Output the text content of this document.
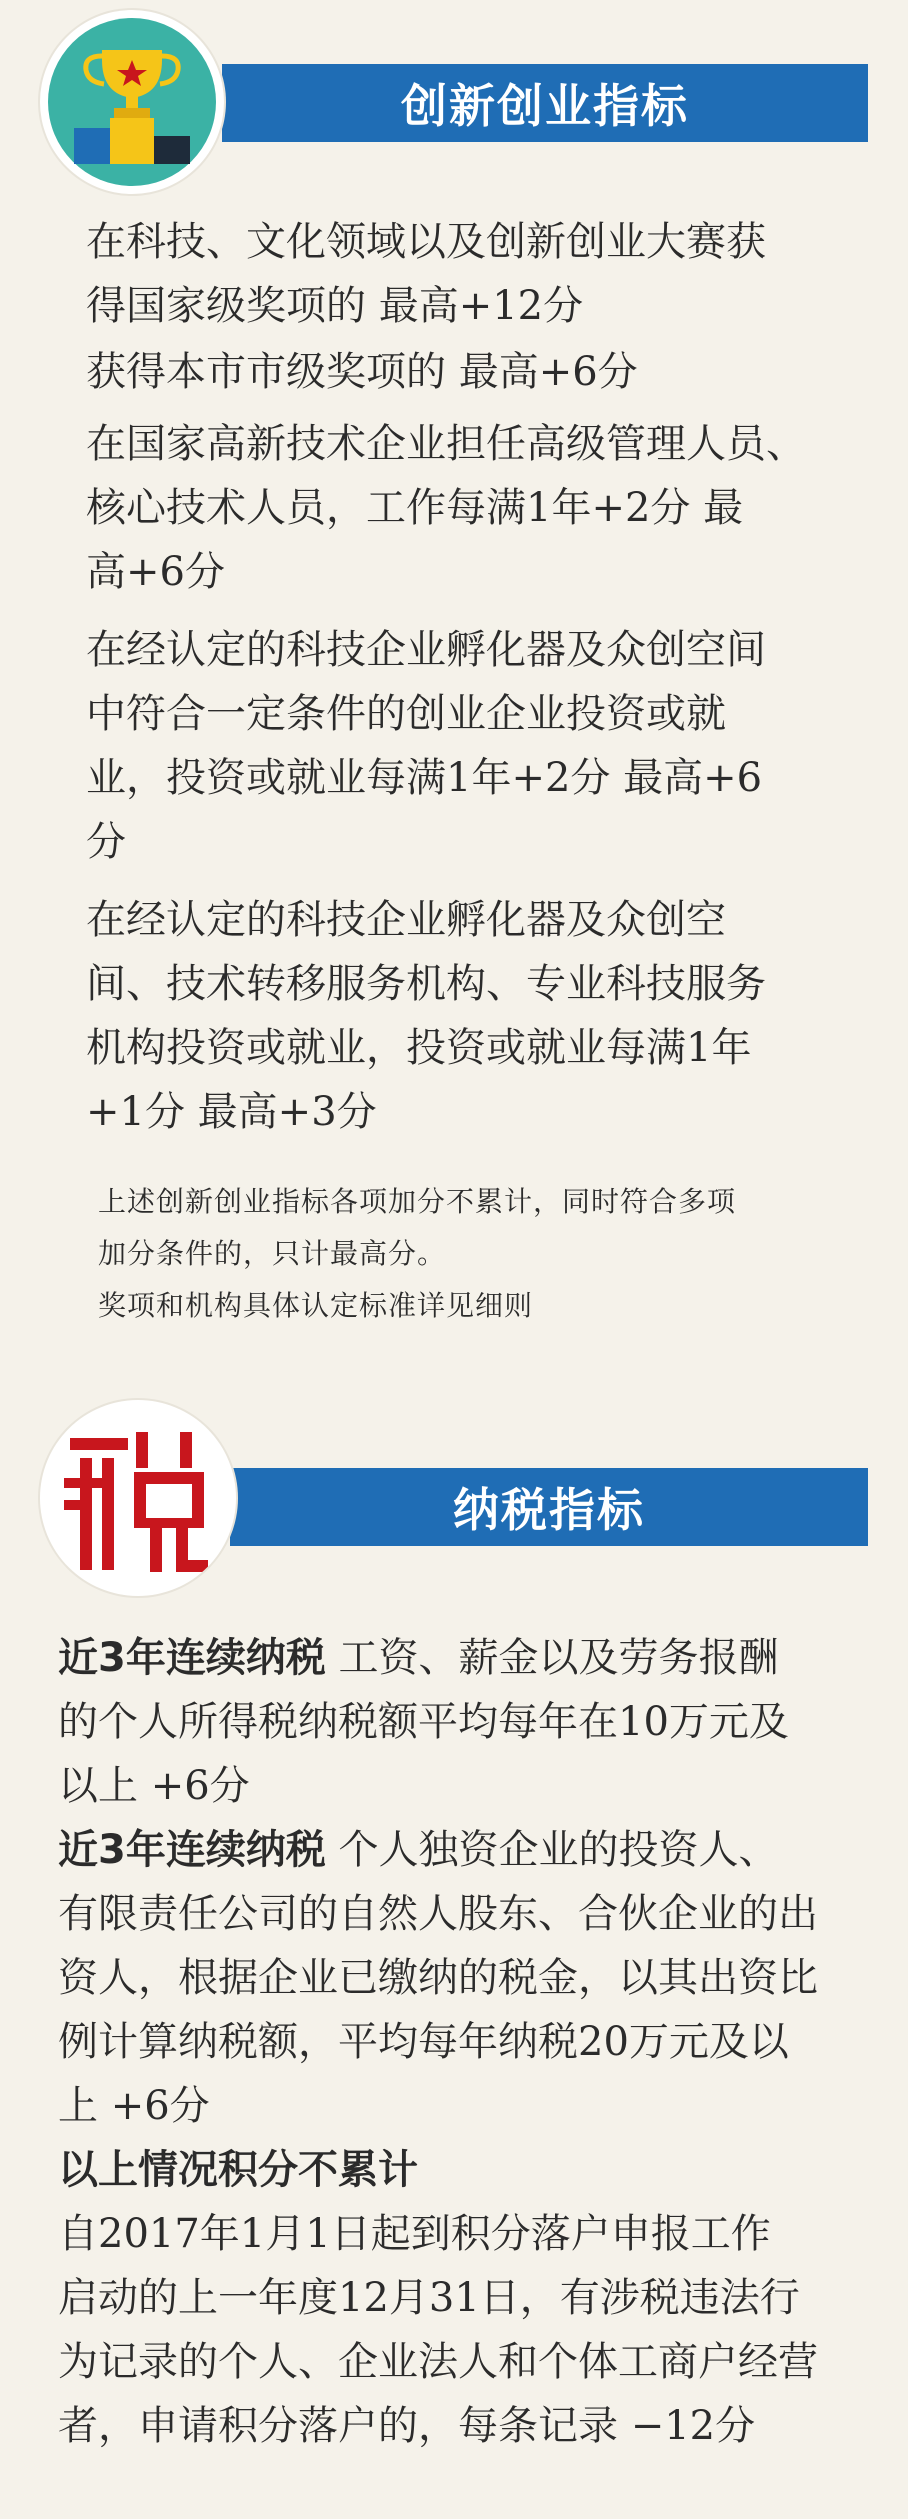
创新创业指标
在科技、文化领域以及创新创业大赛获
得国家级奖项的 最高+12分
获得本市市级奖项的 最高+6分
在国家高新技术企业担任高级管理人员、
核心技术人员，工作每满1年+2分 最
高+6分
在经认定的科技企业孵化器及众创空间
中符合一定条件的创业企业投资或就
业，投资或就业每满1年+2分 最高+6
分
在经认定的科技企业孵化器及众创空
间、技术转移服务机构、专业科技服务
机构投资或就业，投资或就业每满1年
+1分 最高+3分
上述创新创业指标各项加分不累计，同时符合多项
加分条件的，只计最高分。
奖项和机构具体认定标准详见细则
纳税指标
近3年连续纳税 工资、薪金以及劳务报酬
的个人所得税纳税额平均每年在10万元及
以上 +6分
近3年连续纳税 个人独资企业的投资人、
有限责任公司的自然人股东、合伙企业的出
资人，根据企业已缴纳的税金，以其出资比
例计算纳税额，平均每年纳税20万元及以
上 +6分
以上情况积分不累计
自2017年1月1日起到积分落户申报工作
启动的上一年度12月31日，有涉税违法行
为记录的个人、企业法人和个体工商户经营
者，申请积分落户的，每条记录 −12分
